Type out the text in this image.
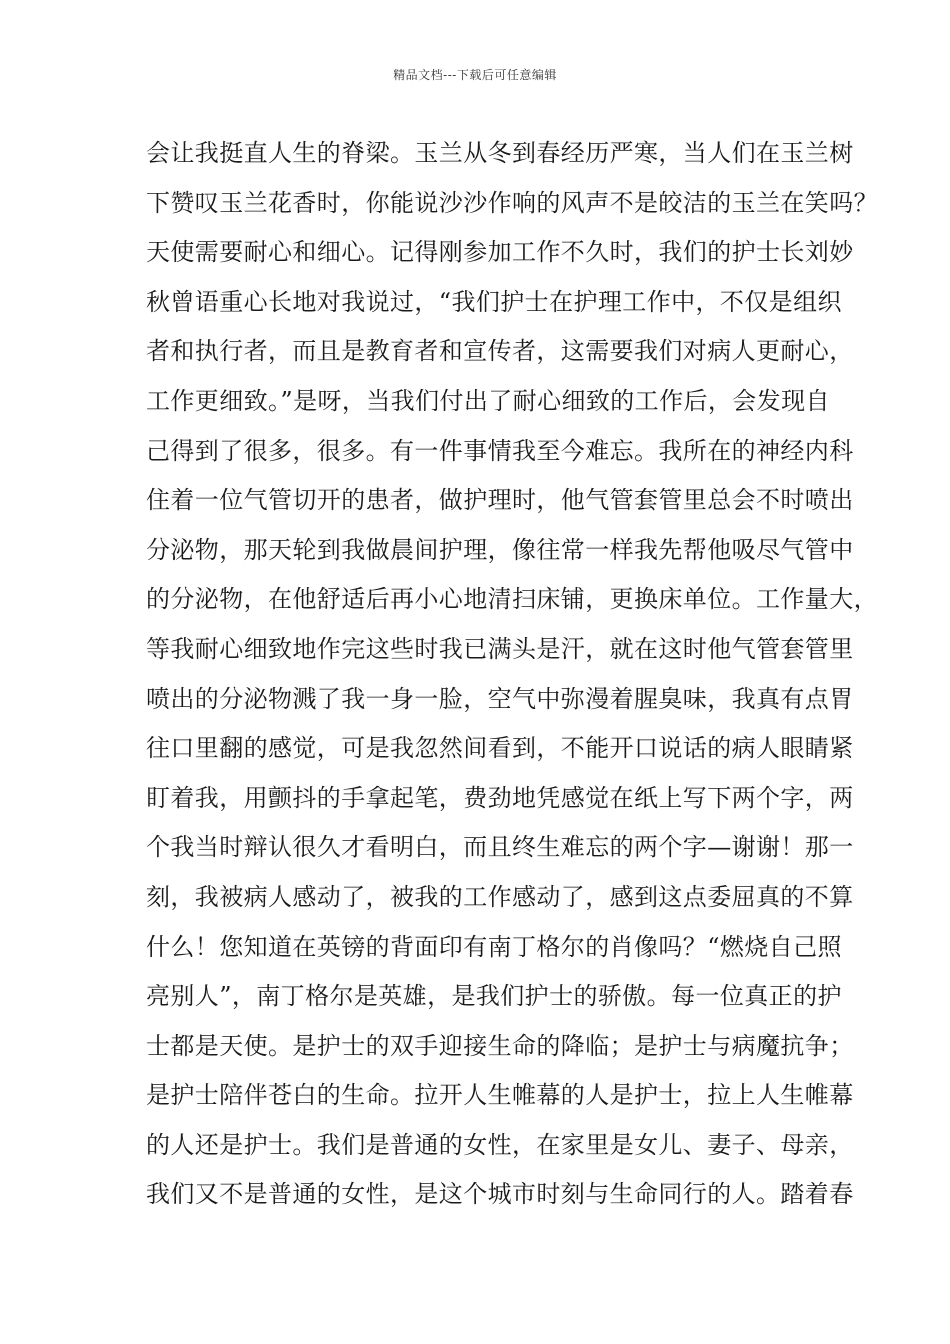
精品文档---下载后可任意编辑
会让我挺直人生的脊梁。玉兰从冬到春经历严寒，当人们在玉兰树
下赞叹玉兰花香时，你能说沙沙作响的风声不是皎洁的玉兰在笑吗？
天使需要耐心和细心。记得刚参加工作不久时，我们的护士长刘妙
秋曾语重心长地对我说过，“我们护士在护理工作中，不仅是组织
者和执行者，而且是教育者和宣传者，这需要我们对病人更耐心，
工作更细致。”是呀，当我们付出了耐心细致的工作后，会发现自
己得到了很多，很多。有一件事情我至今难忘。我所在的神经内科
住着一位气管切开的患者，做护理时，他气管套管里总会不时喷出
分泌物，那天轮到我做晨间护理，像往常一样我先帮他吸尽气管中
的分泌物，在他舒适后再小心地清扫床铺，更换床单位。工作量大，
等我耐心细致地作完这些时我已满头是汗，就在这时他气管套管里
喷出的分泌物溅了我一身一脸，空气中弥漫着腥臭味，我真有点胃
往口里翻的感觉，可是我忽然间看到，不能开口说话的病人眼睛紧
盯着我，用颤抖的手拿起笔，费劲地凭感觉在纸上写下两个字，两
个我当时辩认很久才看明白，而且终生难忘的两个字—谢谢！那一
刻，我被病人感动了，被我的工作感动了，感到这点委屈真的不算
什么！您知道在英镑的背面印有南丁格尔的肖像吗？“燃烧自己照
亮别人”，南丁格尔是英雄，是我们护士的骄傲。每一位真正的护
士都是天使。是护士的双手迎接生命的降临；是护士与病魔抗争；
是护士陪伴苍白的生命。拉开人生帷幕的人是护士，拉上人生帷幕
的人还是护士。我们是普通的女性，在家里是女儿、妻子、母亲，
我们又不是普通的女性，是这个城市时刻与生命同行的人。踏着春
